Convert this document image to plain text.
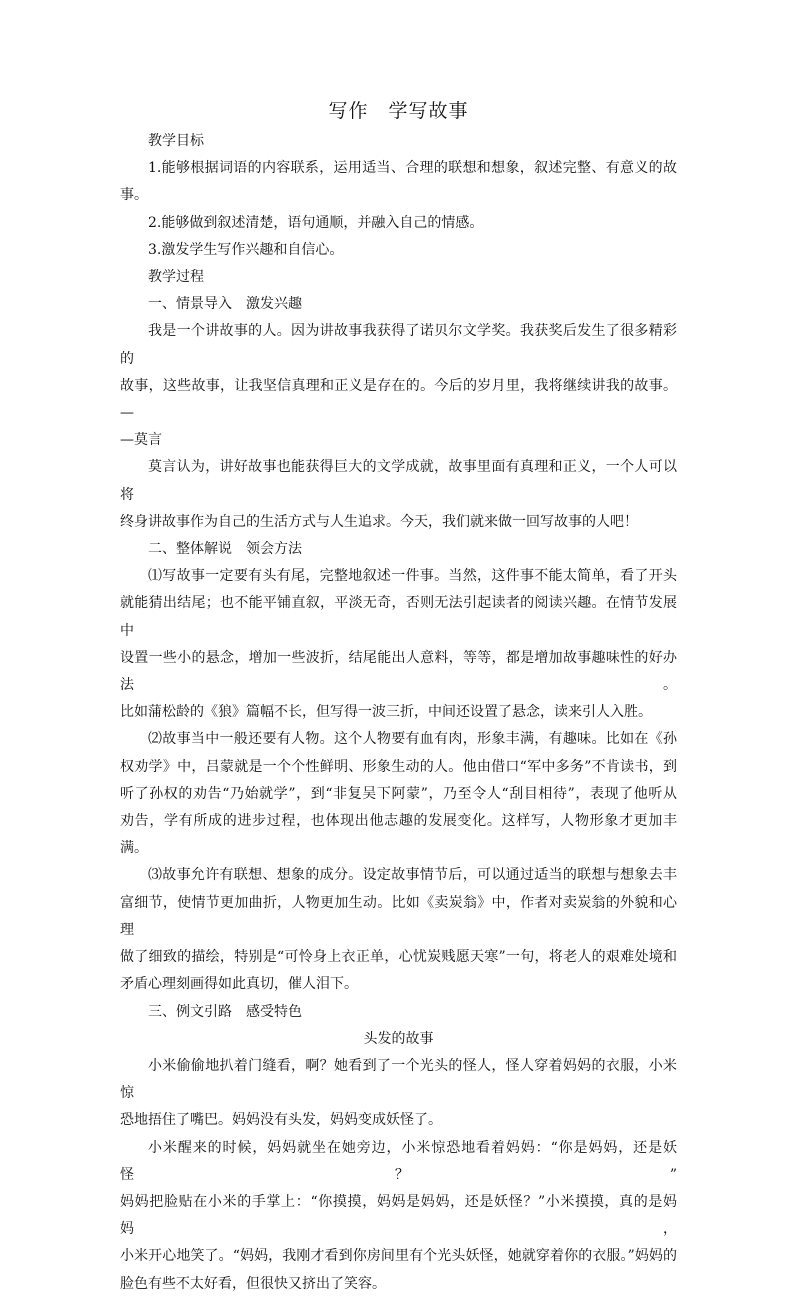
写作　学写故事

教学目标

1.能够根据词语的内容联系，运用适当、合理的联想和想象，叙述完整、有意义的故事。

2.能够做到叙述清楚，语句通顺，并融入自己的情感。

3.激发学生写作兴趣和自信心。

教学过程

一、情景导入　激发兴趣

我是一个讲故事的人。因为讲故事我获得了诺贝尔文学奖。我获奖后发生了很多精彩的

故事，这些故事，让我坚信真理和正义是存在的。今后的岁月里，我将继续讲我的故事。—

—莫言

莫言认为，讲好故事也能获得巨大的文学成就，故事里面有真理和正义，一个人可以将

终身讲故事作为自己的生活方式与人生追求。今天，我们就来做一回写故事的人吧！

二、整体解说　领会方法

⑴写故事一定要有头有尾，完整地叙述一件事。当然，这件事不能太简单，看了开头

就能猜出结尾；也不能平铺直叙，平淡无奇，否则无法引起读者的阅读兴趣。在情节发展中

设置一些小的悬念，增加一些波折，结尾能出人意料，等等，都是增加故事趣味性的好办法。

比如蒲松龄的《狼》篇幅不长，但写得一波三折，中间还设置了悬念，读来引人入胜。

⑵故事当中一般还要有人物。这个人物要有血有肉，形象丰满，有趣味。比如在《孙

权劝学》中，吕蒙就是一个个性鲜明、形象生动的人。他由借口“军中多务”不肯读书，到

听了孙权的劝告“乃始就学”，到“非复吴下阿蒙”，乃至令人“刮目相待”，表现了他听从

劝告，学有所成的进步过程，也体现出他志趣的发展变化。这样写，人物形象才更加丰满。

⑶故事允许有联想、想象的成分。设定故事情节后，可以通过适当的联想与想象去丰

富细节，使情节更加曲折，人物更加生动。比如《卖炭翁》中，作者对卖炭翁的外貌和心理

做了细致的描绘，特别是“可怜身上衣正单，心忧炭贱愿天寒”一句，将老人的艰难处境和

矛盾心理刻画得如此真切，催人泪下。

三、例文引路　感受特色

头发的故事

小米偷偷地扒着门缝看，啊？她看到了一个光头的怪人，怪人穿着妈妈的衣服，小米惊

恐地捂住了嘴巴。妈妈没有头发，妈妈变成妖怪了。

小米醒来的时候，妈妈就坐在她旁边，小米惊恐地看着妈妈：“你是妈妈，还是妖怪？”

妈妈把脸贴在小米的手掌上：“你摸摸，妈妈是妈妈，还是妖怪？”小米摸摸，真的是妈妈，

小米开心地笑了。“妈妈，我刚才看到你房间里有个光头妖怪，她就穿着你的衣服。”妈妈的

脸色有些不太好看，但很快又挤出了笑容。
